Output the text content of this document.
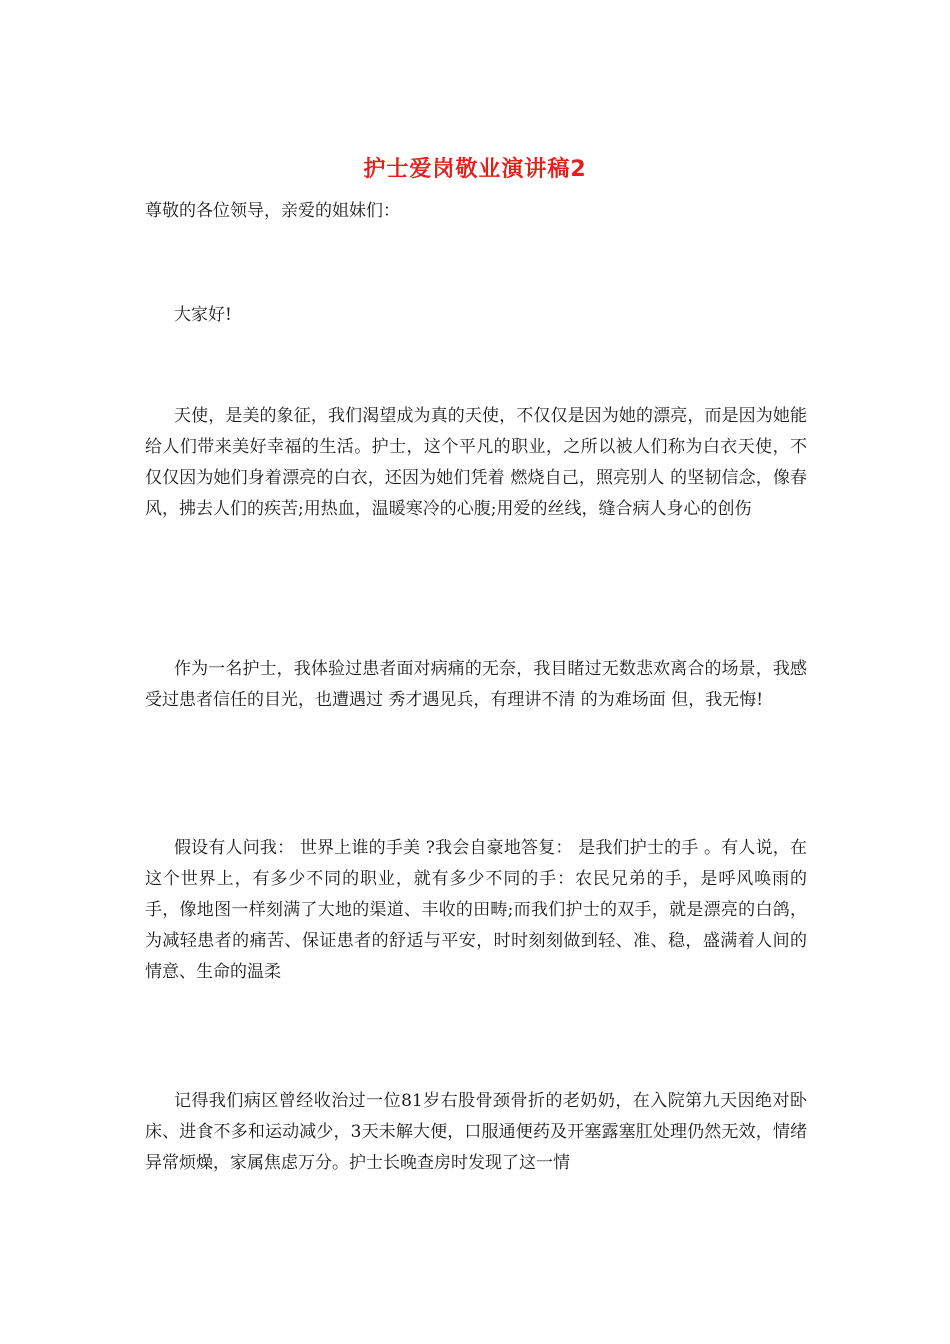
护士爱岗敬业演讲稿2

尊敬的各位领导，亲爱的姐妹们：

大家好!

天使，是美的象征，我们渴望成为真的天使，不仅仅是因为她的漂亮，而是因为她能给人们带来美好幸福的生活。护士，这个平凡的职业，之所以被人们称为白衣天使，不仅仅因为她们身着漂亮的白衣，还因为她们凭着 燃烧自己，照亮别人 的坚韧信念，像春风，拂去人们的疾苦;用热血，温暖寒冷的心腹;用爱的丝线，缝合病人身心的创伤

作为一名护士，我体验过患者面对病痛的无奈，我目睹过无数悲欢离合的场景，我感受过患者信任的目光，也遭遇过 秀才遇见兵，有理讲不清 的为难场面 但，我无悔!

假设有人问我： 世界上谁的手美 ?我会自豪地答复： 是我们护士的手 。有人说，在这个世界上，有多少不同的职业，就有多少不同的手：农民兄弟的手，是呼风唤雨的手，像地图一样刻满了大地的渠道、丰收的田畴;而我们护士的双手，就是漂亮的白鸽，为减轻患者的痛苦、保证患者的舒适与平安，时时刻刻做到轻、准、稳，盛满着人间的情意、生命的温柔

记得我们病区曾经收治过一位81岁右股骨颈骨折的老奶奶，在入院第九天因绝对卧床、进食不多和运动减少，3天未解大便，口服通便药及开塞露塞肛处理仍然无效，情绪异常烦燥，家属焦虑万分。护士长晚查房时发现了这一情
